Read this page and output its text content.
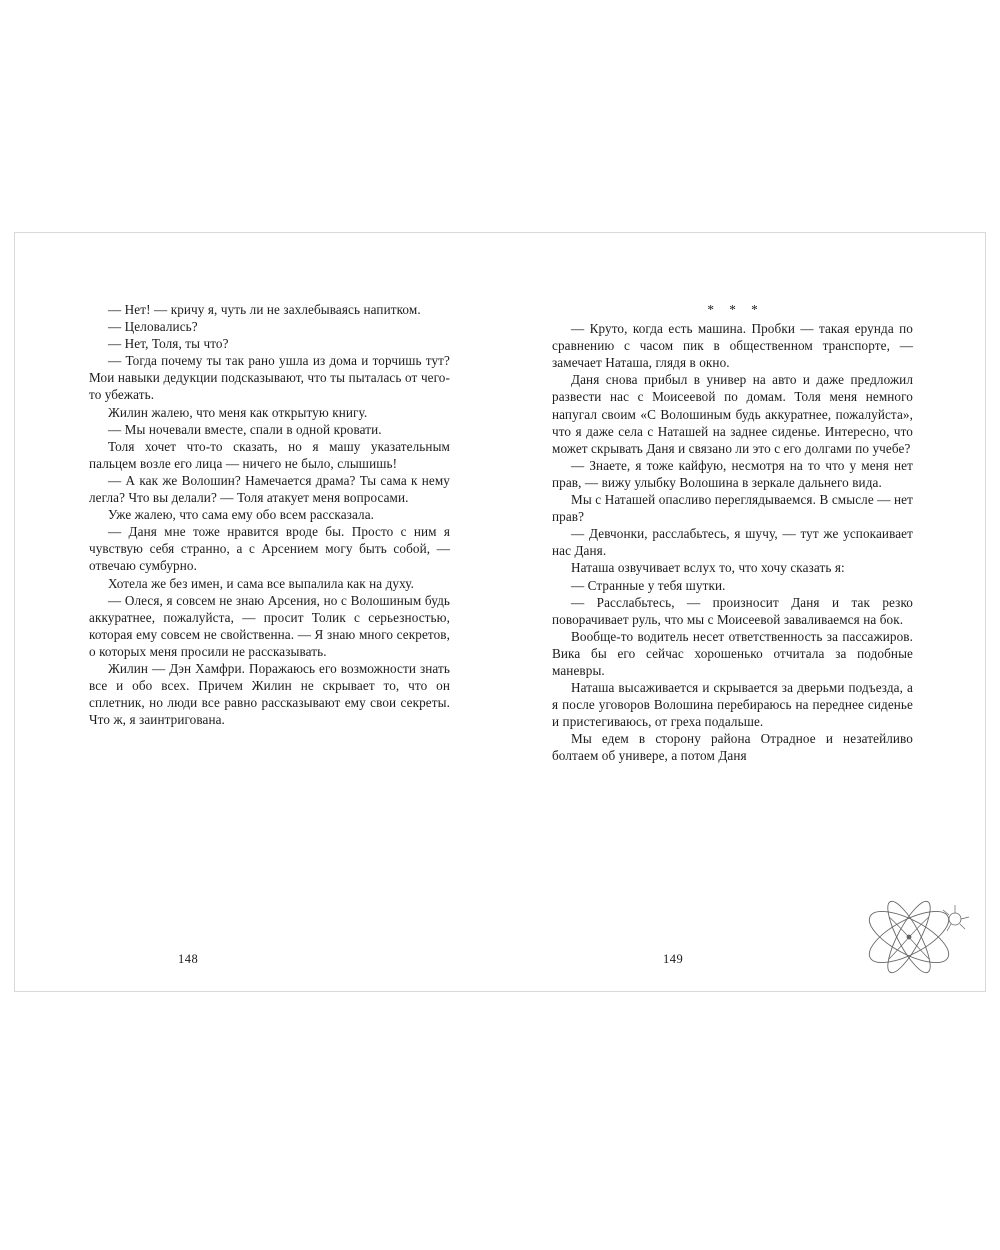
— Нет! — кричу я, чуть ли не захлебываясь напитком.

— Целовались?

— Нет, Толя, ты что?

— Тогда почему ты так рано ушла из дома и торчишь тут? Мои навыки дедукции подсказывают, что ты пыталась от чего-то убежать.

Жилин жалею, что меня как открытую книгу.

— Мы ночевали вместе, спали в одной кровати.

Толя хочет что-то сказать, но я машу указательным пальцем возле его лица — ничего не было, слышишь!

— А как же Волошин? Намечается драма? Ты сама к нему легла? Что вы делали? — Толя атакует меня вопросами.

Уже жалею, что сама ему обо всем рассказала.

— Даня мне тоже нравится вроде бы. Просто с ним я чувствую себя странно, а с Арсением могу быть собой, — отвечаю сумбурно.

Хотела же без имен, и сама все выпалила как на духу.

— Олеся, я совсем не знаю Арсения, но с Волошиным будь аккуратнее, пожалуйста, — просит Толик с серьезностью, которая ему совсем не свойственна. — Я знаю много секретов, о которых меня просили не рассказывать.

Жилин — Дэн Хамфри. Поражаюсь его возможности знать все и обо всех. Причем Жилин не скрывает то, что он сплетник, но люди все равно рассказывают ему свои секреты. Что ж, я заинтригована.

148
* * *

— Круто, когда есть машина. Пробки — такая ерунда по сравнению с часом пик в общественном транспорте, — замечает Наташа, глядя в окно.

Даня снова прибыл в универ на авто и даже предложил развести нас с Моисеевой по домам. Толя меня немного напугал своим «С Волошиным будь аккуратнее, пожалуйста», что я даже села с Наташей на заднее сиденье. Интересно, что может скрывать Даня и связано ли это с его долгами по учебе?

— Знаете, я тоже кайфую, несмотря на то что у меня нет прав, — вижу улыбку Волошина в зеркале дальнего вида.

Мы с Наташей опасливо переглядываемся. В смысле — нет прав?

— Девчонки, расслабьтесь, я шучу, — тут же успокаивает нас Даня.

Наташа озвучивает вслух то, что хочу сказать я:

— Странные у тебя шутки.

— Расслабьтесь, — произносит Даня и так резко поворачивает руль, что мы с Моисеевой заваливаемся на бок.

Вообще-то водитель несет ответственность за пассажиров. Вика бы его сейчас хорошенько отчитала за подобные маневры.

Наташа высаживается и скрывается за дверьми подъезда, а я после уговоров Волошина перебираюсь на переднее сиденье и пристегиваюсь, от греха подальше.

Мы едем в сторону района Отрадное и незатейливо болтаем об универе, а потом Даня

149
